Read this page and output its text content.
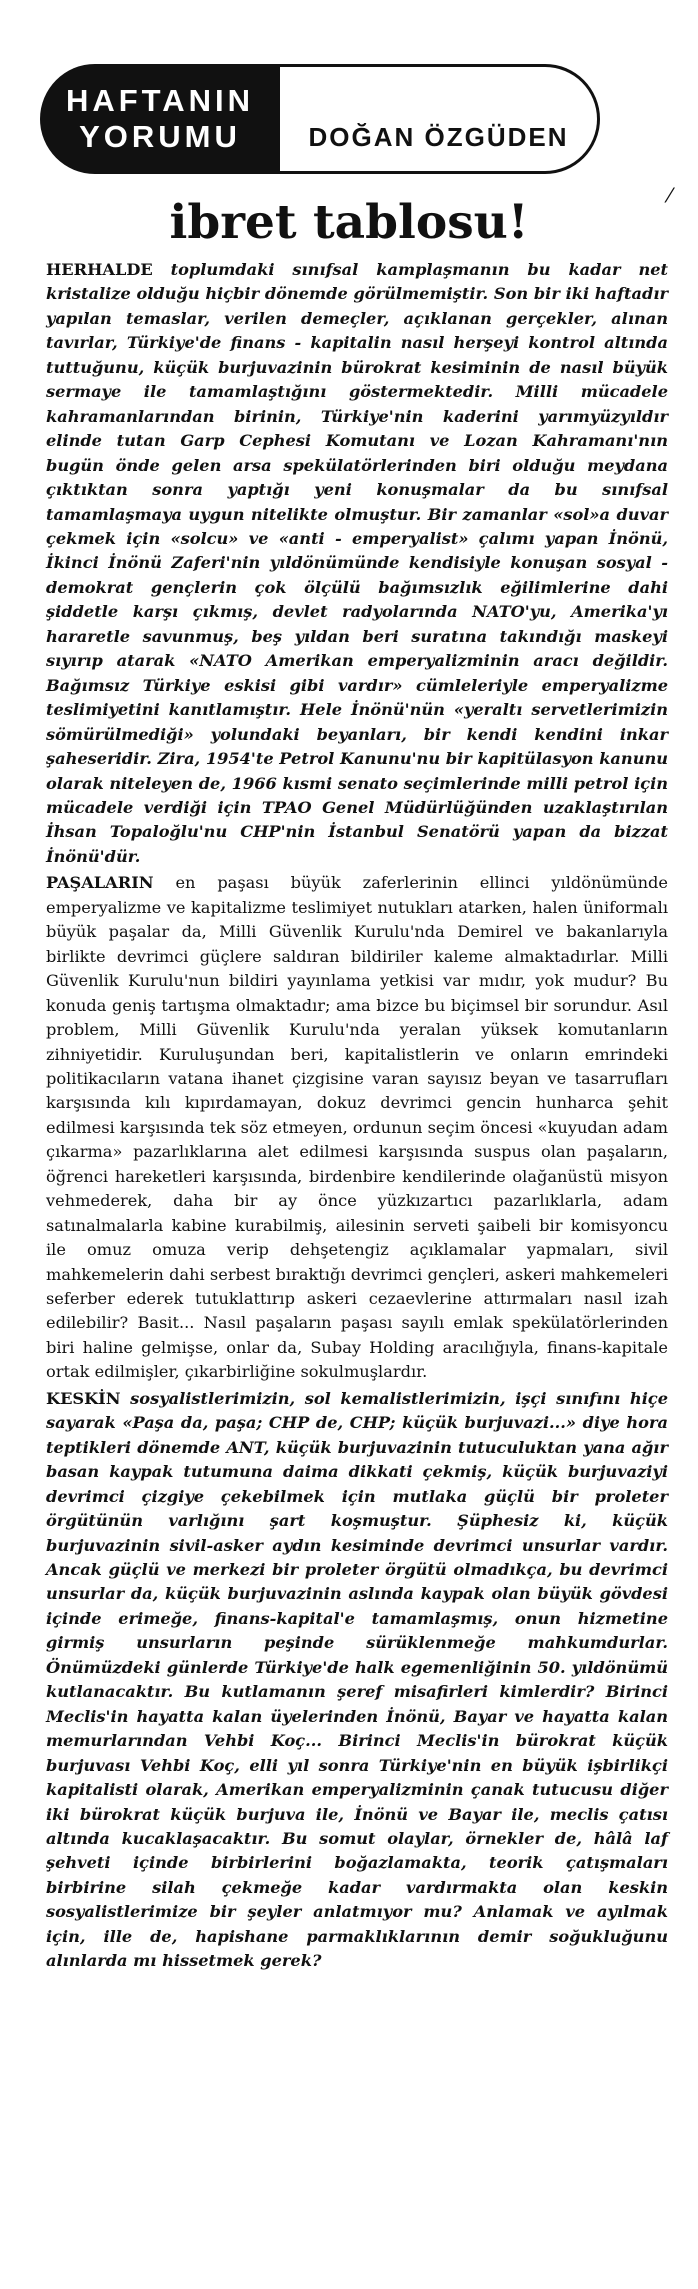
HAFTANIN
YORUMU	DOĞAN ÖZGÜDEN
⁄
ibret tablosu!

HERHALDE toplumdaki sınıfsal kamplaşmanın bu kadar net kristalize olduğu hiçbir dönemde görülmemiştir. Son bir iki haftadır yapılan temaslar, verilen demeçler, açıklanan gerçekler, alınan tavırlar, Türkiye'de finans - kapitalin nasıl herşeyi kontrol altında tuttuğunu, küçük burjuvazinin bürokrat kesiminin de nasıl büyük sermaye ile tamamlaştığını göstermektedir. Milli mücadele kahramanlarından birinin, Türkiye'nin kaderini yarımyüzyıldır elinde tutan Garp Cephesi Komutanı ve Lozan Kahramanı'nın bugün önde gelen arsa spekülatörlerinden biri olduğu meydana çıktıktan sonra yaptığı yeni konuşmalar da bu sınıfsal tamamlaşmaya uygun nitelikte olmuştur. Bir zamanlar «sol»a duvar çekmek için «solcu» ve «anti - emperyalist» çalımı yapan İnönü, İkinci İnönü Zaferi'nin yıldönümünde kendisiyle konuşan sosyal - demokrat gençlerin çok ölçülü bağımsızlık eğilimlerine dahi şiddetle karşı çıkmış, devlet radyolarında NATO'yu, Amerika'yı hararetle savunmuş, beş yıldan beri suratına takındığı maskeyi sıyırıp atarak «NATO Amerikan emperyalizminin aracı değildir. Bağımsız Türkiye eskisi gibi vardır» cümleleriyle emperyalizme teslimiyetini kanıtlamıştır. Hele İnönü'nün «yeraltı servetlerimizin sömürülmediği» yolundaki beyanları, bir kendi kendini inkar şaheseridir. Zira, 1954'te Petrol Kanunu'nu bir kapitülasyon kanunu olarak niteleyen de, 1966 kısmi senato seçimlerinde milli petrol için mücadele verdiği için TPAO Genel Müdürlüğünden uzaklaştırılan İhsan Topaloğlu'nu CHP'nin İstanbul Senatörü yapan da bizzat İnönü'dür.

PAŞALARIN en paşası büyük zaferlerinin ellinci yıldönümünde emperyalizme ve kapitalizme teslimiyet nutukları atarken, halen üniformalı büyük paşalar da, Milli Güvenlik Kurulu'nda Demirel ve bakanlarıyla birlikte devrimci güçlere saldıran bildiriler kaleme almaktadırlar. Milli Güvenlik Kurulu'nun bildiri yayınlama yetkisi var mıdır, yok mudur? Bu konuda geniş tartışma olmaktadır; ama bizce bu biçimsel bir sorundur. Asıl problem, Milli Güvenlik Kurulu'nda yeralan yüksek komutanların zihniyetidir. Kuruluşundan beri, kapitalistlerin ve onların emrindeki politikacıların vatana ihanet çizgisine varan sayısız beyan ve tasarrufları karşısında kılı kıpırdamayan, dokuz devrimci gencin hunharca şehit edilmesi karşısında tek söz etmeyen, ordunun seçim öncesi «kuyudan adam çıkarma» pazarlıklarına alet edilmesi karşısında suspus olan paşaların, öğrenci hareketleri karşısında, birdenbire kendilerinde olağanüstü misyon vehmederek, daha bir ay önce yüzkızartıcı pazarlıklarla, adam satınalmalarla kabine kurabilmiş, ailesinin serveti şaibeli bir komisyoncu ile omuz omuza verip dehşetengiz açıklamalar yapmaları, sivil mahkemelerin dahi serbest bıraktığı devrimci gençleri, askeri mahkemeleri seferber ederek tutuklattırıp askeri cezaevlerine attırmaları nasıl izah edilebilir? Basit... Nasıl paşaların paşası sayılı emlak spekülatörlerinden biri haline gelmişse, onlar da, Subay Holding aracılığıyla, finans-kapitale ortak edilmişler, çıkarbirliğine sokulmuşlardır.

KESKİN sosyalistlerimizin, sol kemalistlerimizin, işçi sınıfını hiçe sayarak «Paşa da, paşa; CHP de, CHP; küçük burjuvazi...» diye hora teptikleri dönemde ANT, küçük burjuvazinin tutuculuktan yana ağır basan kaypak tutumuna daima dikkati çekmiş, küçük burjuvaziyi devrimci çizgiye çekebilmek için mutlaka güçlü bir proleter örgütünün varlığını şart koşmuştur. Şüphesiz ki, küçük burjuvazinin sivil-asker aydın kesiminde devrimci unsurlar vardır. Ancak güçlü ve merkezi bir proleter örgütü olmadıkça, bu devrimci unsurlar da, küçük burjuvazinin aslında kaypak olan büyük gövdesi içinde erimeğe, finans-kapital'e tamamlaşmış, onun hizmetine girmiş unsurların peşinde sürüklenmeğe mahkumdurlar. Önümüzdeki günlerde Türkiye'de halk egemenliğinin 50. yıldönümü kutlanacaktır. Bu kutlamanın şeref misafirleri kimlerdir? Birinci Meclis'in hayatta kalan üyelerinden İnönü, Bayar ve hayatta kalan memurlarından Vehbi Koç... Birinci Meclis'in bürokrat küçük burjuvası Vehbi Koç, elli yıl sonra Türkiye'nin en büyük işbirlikçi kapitalisti olarak, Amerikan emperyalizminin çanak tutucusu diğer iki bürokrat küçük burjuva ile, İnönü ve Bayar ile, meclis çatısı altında kucaklaşacaktır. Bu somut olaylar, örnekler de, hâlâ laf şehveti içinde birbirlerini boğazlamakta, teorik çatışmaları birbirine silah çekmeğe kadar vardırmakta olan keskin sosyalistlerimize bir şeyler anlatmıyor mu? Anlamak ve ayılmak için, ille de, hapishane parmaklıklarının demir soğukluğunu alınlarda mı hissetmek gerek?
